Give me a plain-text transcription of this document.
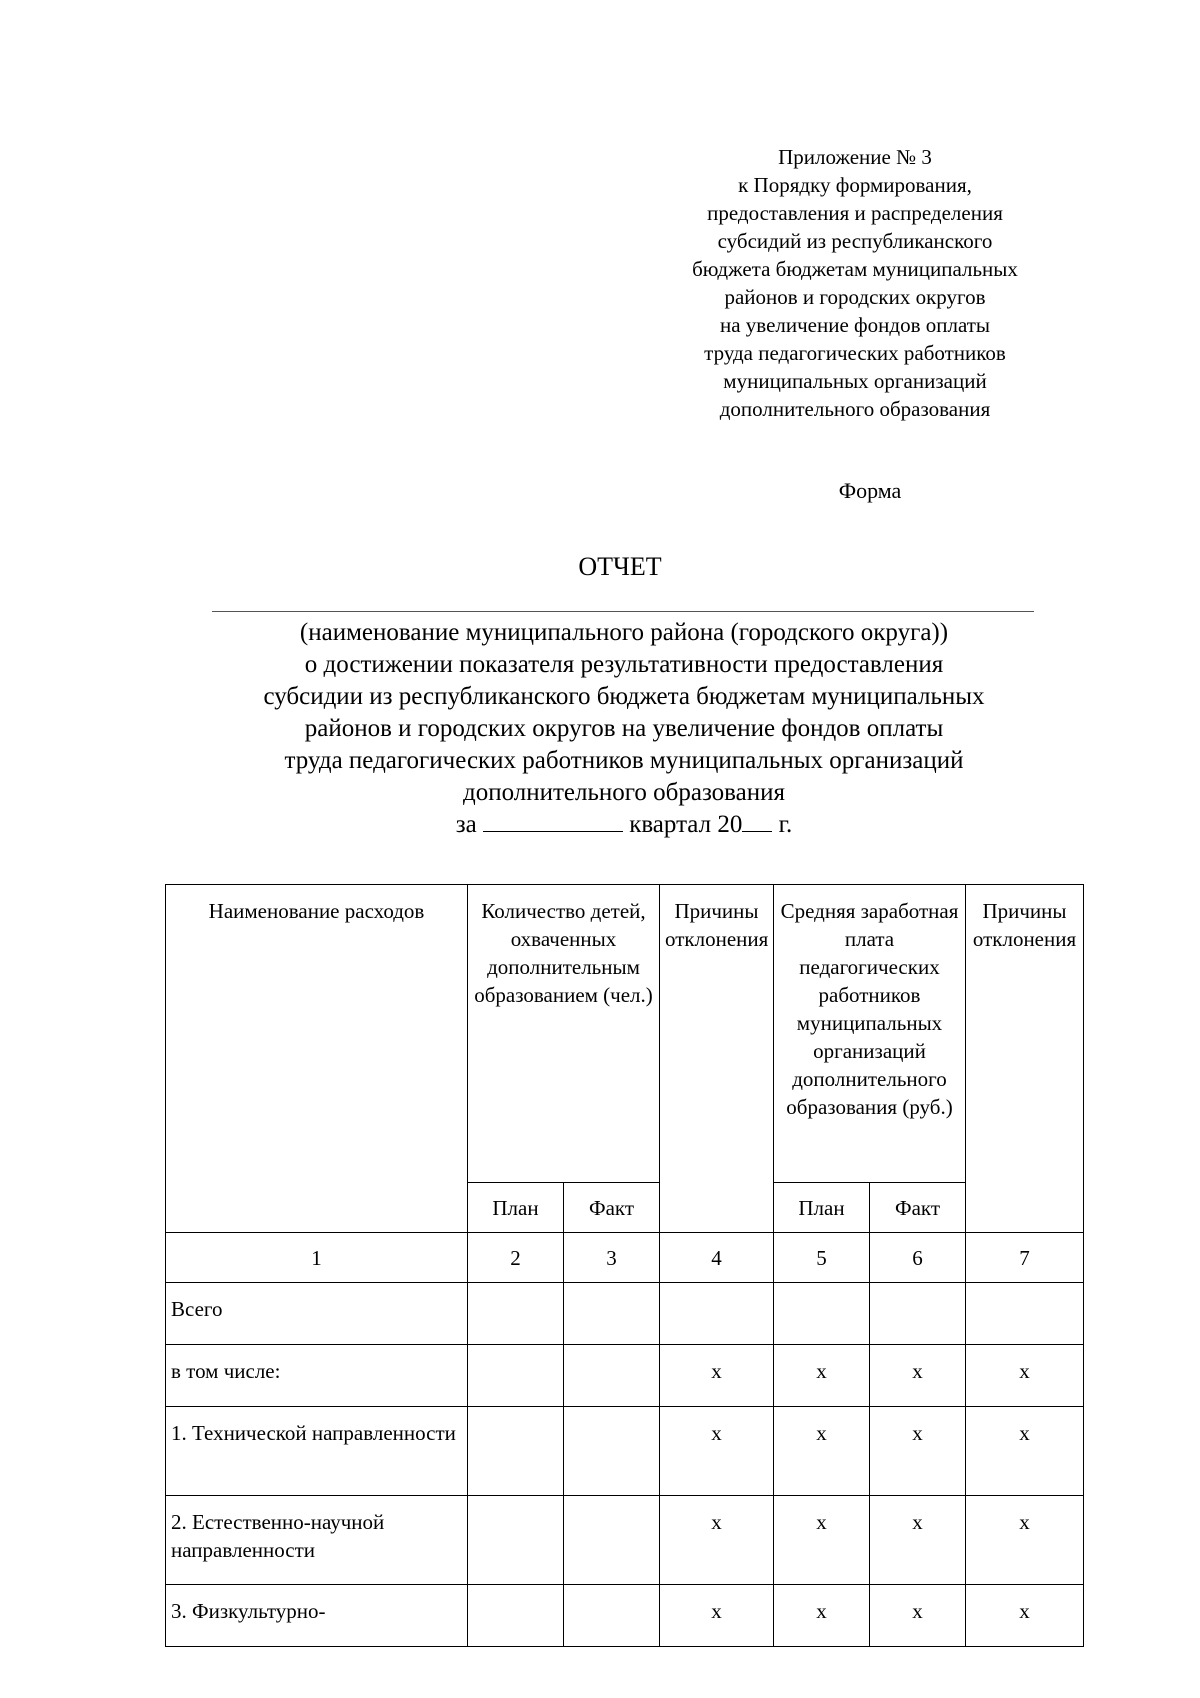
Приложение № 3
к Порядку формирования,
предоставления и распределения
субсидий из республиканского
бюджета бюджетам муниципальных
районов и городских округов
на увеличение фондов оплаты
труда педагогических работников
муниципальных организаций
дополнительного образования
Форма
ОТЧЕТ
(наименование муниципального района (городского округа))
о достижении показателя результативности предоставления
субсидии из республиканского бюджета бюджетам муниципальных
районов и городских округов на увеличение фондов оплаты
труда педагогических работников муниципальных организаций
дополнительного образования
за	квартал 20 г.
Наименование расходов	Количество детей, охваченных дополнительным образованием (чел.)		Причины отклонения	Средняя заработная плата педагогических работников муниципальных организаций дополнительного образования (руб.)		Причины отклонения
	План	Факт		План	Факт	
1	2	3	4	5	6	7
Всего						
в том числе:			x	x	x	x
1. Технической направленности			x	x	x	x
2. Естественно-научной направленности			x	x	x	x
3. Физкультурно-			x	x	x	x
